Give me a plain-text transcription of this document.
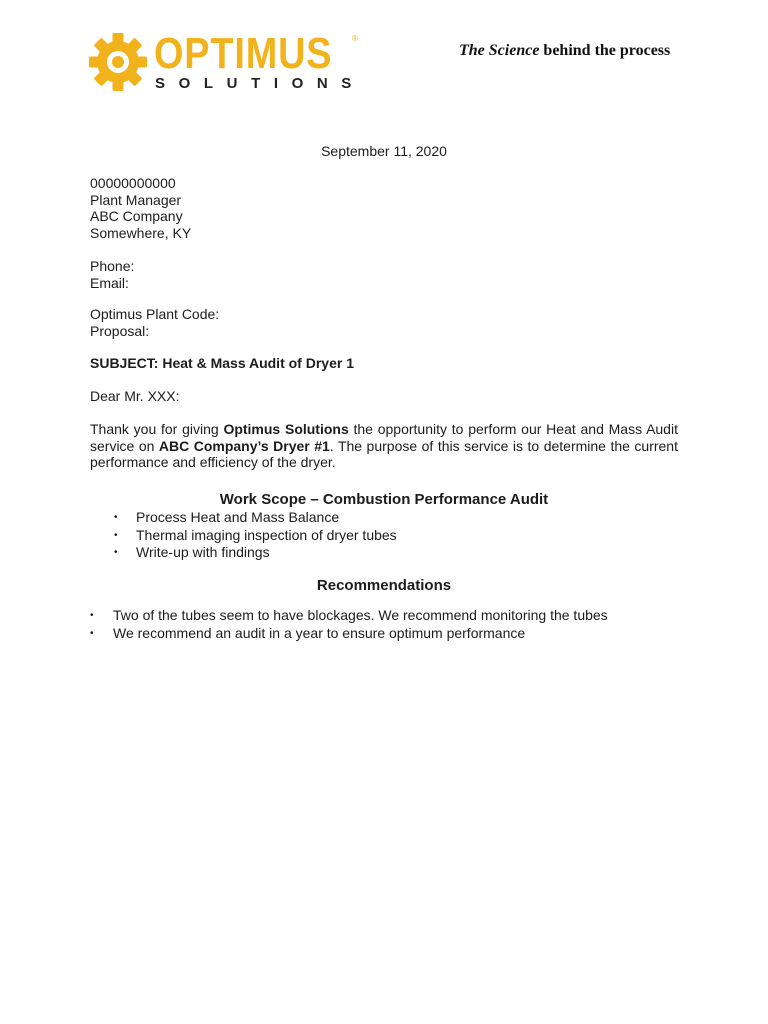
OPTIMUS ®
SOLUTIONS
The Science behind the process
September 11, 2020
00000000000
Plant Manager
ABC Company
Somewhere, KY
Phone:
Email:
Optimus Plant Code:
Proposal:
SUBJECT: Heat & Mass Audit of Dryer 1
Dear Mr. XXX:
Thank you for giving Optimus Solutions the opportunity to perform our Heat and Mass Audit service on ABC Company’s Dryer #1. The purpose of this service is to determine the current performance and efficiency of the dryer.
Work Scope – Combustion Performance Audit
• Process Heat and Mass Balance
• Thermal imaging inspection of dryer tubes
• Write-up with findings
Recommendations
• Two of the tubes seem to have blockages. We recommend monitoring the tubes
• We recommend an audit in a year to ensure optimum performance
